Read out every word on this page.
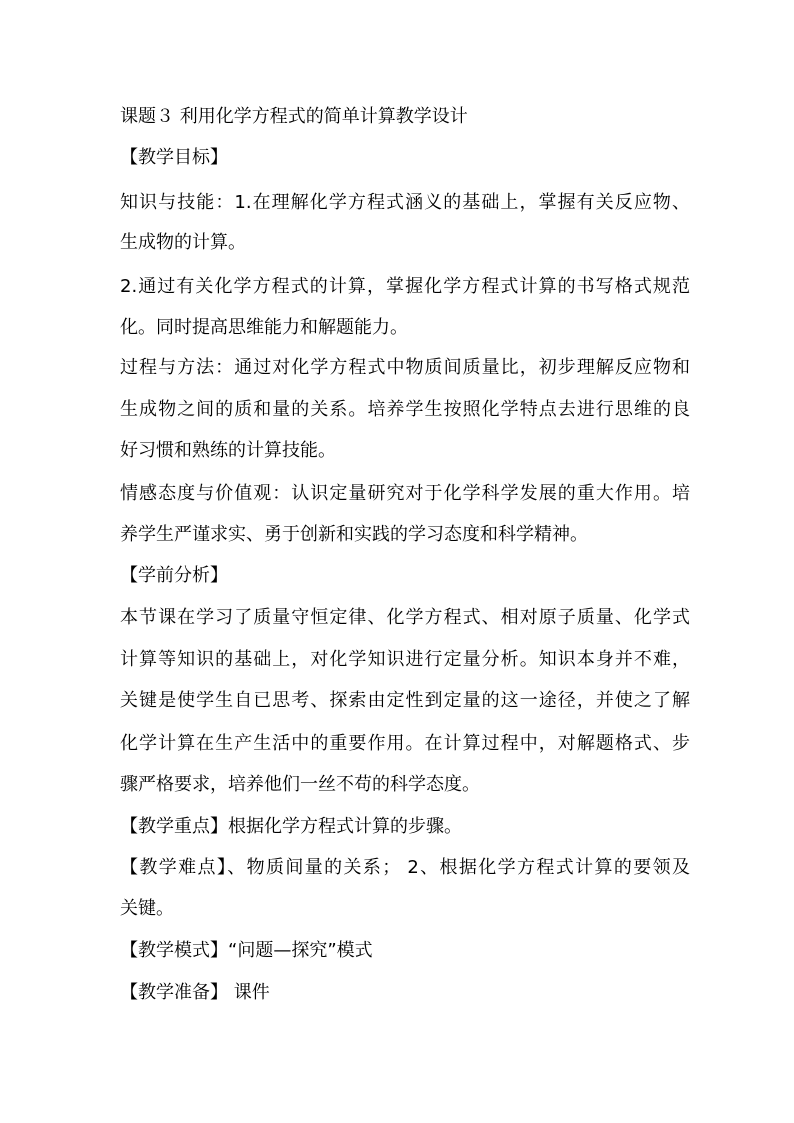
课题３ 利用化学方程式的简单计算教学设计
【教学目标】
知识与技能：1.在理解化学方程式涵义的基础上，掌握有关反应物、
生成物的计算。
2.通过有关化学方程式的计算，掌握化学方程式计算的书写格式规范
化。同时提高思维能力和解题能力。
过程与方法：通过对化学方程式中物质间质量比，初步理解反应物和
生成物之间的质和量的关系。培养学生按照化学特点去进行思维的良
好习惯和熟练的计算技能。
情感态度与价值观：认识定量研究对于化学科学发展的重大作用。培
养学生严谨求实、勇于创新和实践的学习态度和科学精神。
【学前分析】
本节课在学习了质量守恒定律、化学方程式、相对原子质量、化学式
计算等知识的基础上，对化学知识进行定量分析。知识本身并不难，
关键是使学生自已思考、探索由定性到定量的这一途径，并使之了解
化学计算在生产生活中的重要作用。在计算过程中，对解题格式、步
骤严格要求，培养他们一丝不苟的科学态度。
【教学重点】根据化学方程式计算的步骤。
【教学难点】、物质间量的关系； 2、根据化学方程式计算的要领及
关键。
【教学模式】“问题—探究”模式
【教学准备】 课件
